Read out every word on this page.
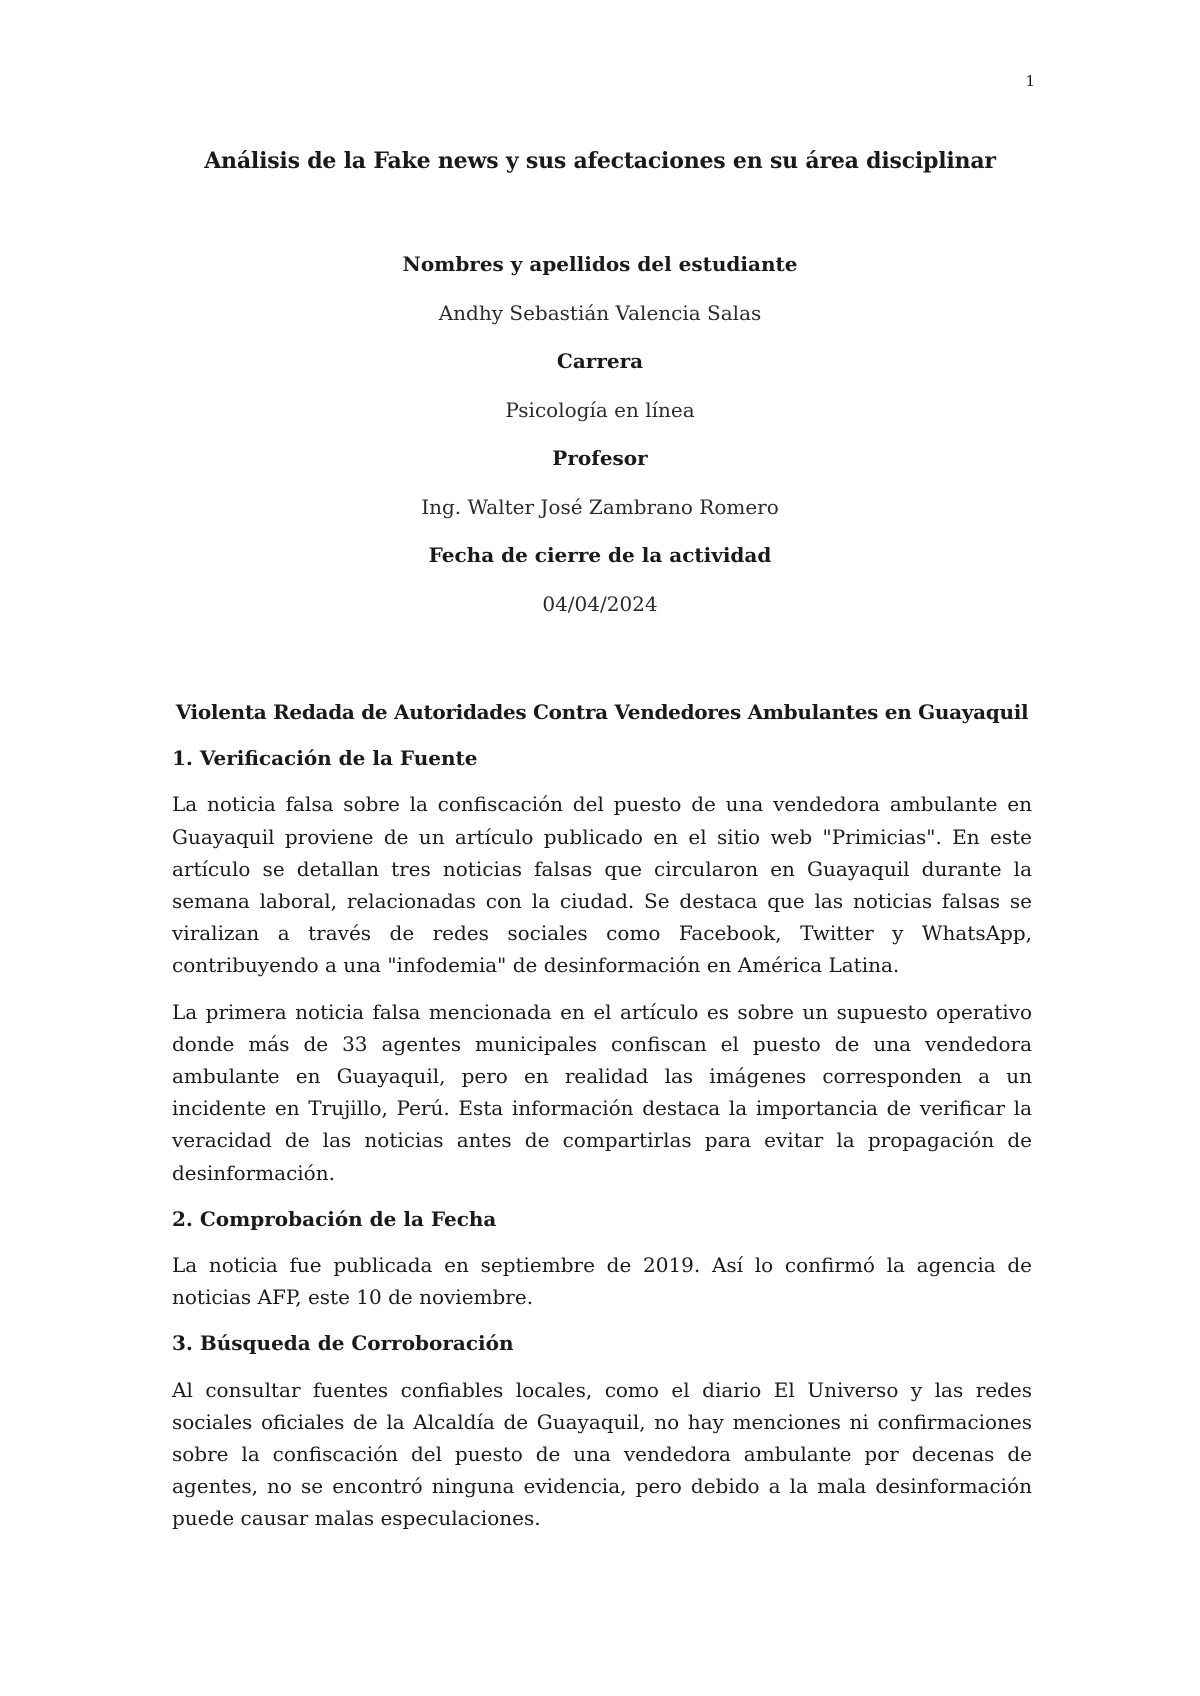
1
Análisis de la Fake news y sus afectaciones en su área disciplinar
Nombres y apellidos del estudiante
Andhy Sebastián Valencia Salas
Carrera
Psicología en línea
Profesor
Ing. Walter José Zambrano Romero
Fecha de cierre de la actividad
04/04/2024
Violenta Redada de Autoridades Contra Vendedores Ambulantes en Guayaquil
1. Verificación de la Fuente

La noticia falsa sobre la confiscación del puesto de una vendedora ambulante en Guayaquil proviene de un artículo publicado en el sitio web "Primicias". En este artículo se detallan tres noticias falsas que circularon en Guayaquil durante la semana laboral, relacionadas con la ciudad. Se destaca que las noticias falsas se viralizan a través de redes sociales como Facebook, Twitter y WhatsApp, contribuyendo a una "infodemia" de desinformación en América Latina.

La primera noticia falsa mencionada en el artículo es sobre un supuesto operativo donde más de 33 agentes municipales confiscan el puesto de una vendedora ambulante en Guayaquil, pero en realidad las imágenes corresponden a un incidente en Trujillo, Perú. Esta información destaca la importancia de verificar la veracidad de las noticias antes de compartirlas para evitar la propagación de desinformación.

2. Comprobación de la Fecha

La noticia fue publicada en septiembre de 2019. Así lo confirmó la agencia de noticias AFP, este 10 de noviembre.

3. Búsqueda de Corroboración

Al consultar fuentes confiables locales, como el diario El Universo y las redes sociales oficiales de la Alcaldía de Guayaquil, no hay menciones ni confirmaciones sobre la confiscación del puesto de una vendedora ambulante por decenas de agentes, no se encontró ninguna evidencia, pero debido a la mala desinformación puede causar malas especulaciones.
